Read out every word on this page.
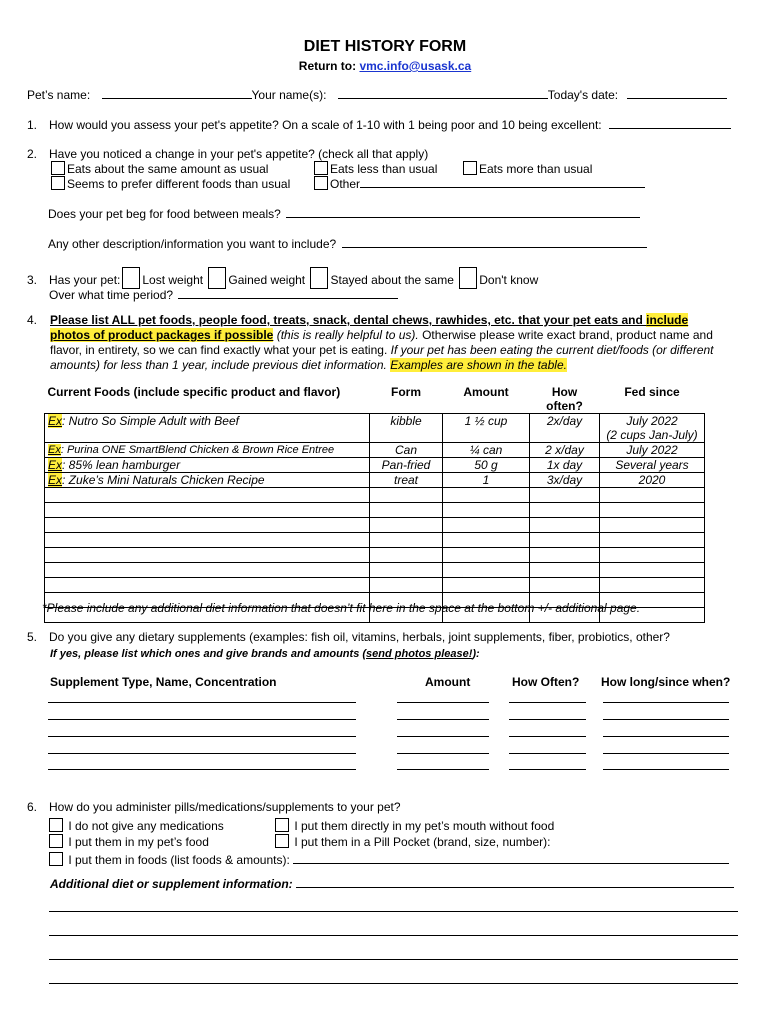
DIET HISTORY FORM
Return to: vmc.info@usask.ca
Pet’s name:	Your name(s):	Today's date:
1. How would you assess your pet's appetite? On a scale of 1-10 with 1 being poor and 10 being excellent:
2. Have you noticed a change in your pet's appetite? (check all that apply)
Eats about the same amount as usual	Eats less than usual	Eats more than usual
Seems to prefer different foods than usual	Other
Does your pet beg for food between meals?
Any other description/information you want to include?
3. Has your pet: Lost weight Gained weight Stayed about the same Don't know
Over what time period?
4. Please list ALL pet foods, people food, treats, snack, dental chews, rawhides, etc. that your pet eats and include
photos of product packages if possible (this is really helpful to us). Otherwise please write exact brand, product name and
flavor, in entirety, so we can find exactly what your pet is eating. If your pet has been eating the current diet/foods (or different
amounts) for less than 1 year, include previous diet information. Examples are shown in the table.
Current Foods (include specific product and flavor)	Form	Amount	How often?	Fed since
Ex: Nutro So Simple Adult with Beef	kibble	1 ½ cup	2x/day	July 2022
(2 cups Jan-July)
Ex: Purina ONE SmartBlend Chicken & Brown Rice Entree	Can	¼ can	2 x/day	July 2022
Ex: 85% lean hamburger	Pan-fried	50 g	1x day	Several years
Ex: Zuke’s Mini Naturals Chicken Recipe	treat	1	3x/day	2020

*Please include any additional diet information that doesn’t fit here in the space at the bottom +/- additional page.
5. Do you give any dietary supplements (examples: fish oil, vitamins, herbals, joint supplements, fiber, probiotics, other?
If yes, please list which ones and give brands and amounts (send photos please!):
Supplement Type, Name, Concentration	Amount	How Often? How long/since when?
6. How do you administer pills/medications/supplements to your pet?
I do not give any medications	I put them directly in my pet’s mouth without food
I put them in my pet’s food	I put them in a Pill Pocket (brand, size, number):
I put them in foods (list foods & amounts):
Additional diet or supplement information:
